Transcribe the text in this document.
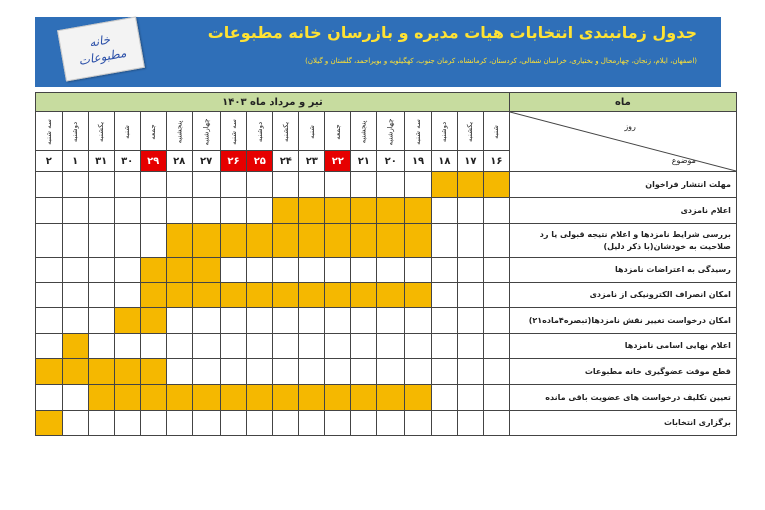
خانه
مطبوعات
جدول زمانبندی انتخابات هیات مدیره و بازرسان خانه مطبوعات
(اصفهان، ایلام، زنجان، چهارمحال و بختیاری، خراسان شمالی، کردستان، کرمانشاه، کرمان جنوب، کهگیلویه و بویراحمد، گلستان و گیلان)
ماه	تیر و مرداد ماه ۱۴۰۳																	

روز
موضوع	شنبه	یکشنبه	دوشنبه	سه شنبه	چهارشنبه	پنجشنبه	جمعه	شنبه	یکشنبه	دوشنبه	سه شنبه	چهارشنبه	پنجشنبه	جمعه	شنبه	یکشنبه	دوشنبه	سه شنبه
	۱۶	۱۷	۱۸	۱۹	۲۰	۲۱	۲۲	۲۳	۲۴	۲۵	۲۶	۲۷	۲۸	۲۹	۳۰	۳۱	۱	۲
مهلت انتشار فراخوان																		
اعلام نامزدی																		
بررسی شرایط نامزدها و اعلام نتیجه قبولی یا رد صلاحیت به خودشان(با ذکر دلیل)																		
رسیدگی به اعتراضات نامزدها																		
امکان انصراف الکترونیکی از نامزدی																		
امکان درخواست تغییر نقش نامزدها(تبصره۴ماده۲۱)																		
اعلام نهایی اسامی نامزدها																		
قطع موقت عضوگیری خانه مطبوعات																		
تعیین تکلیف درخواست های عضویت باقی مانده																		
برگزاری انتخابات																		
